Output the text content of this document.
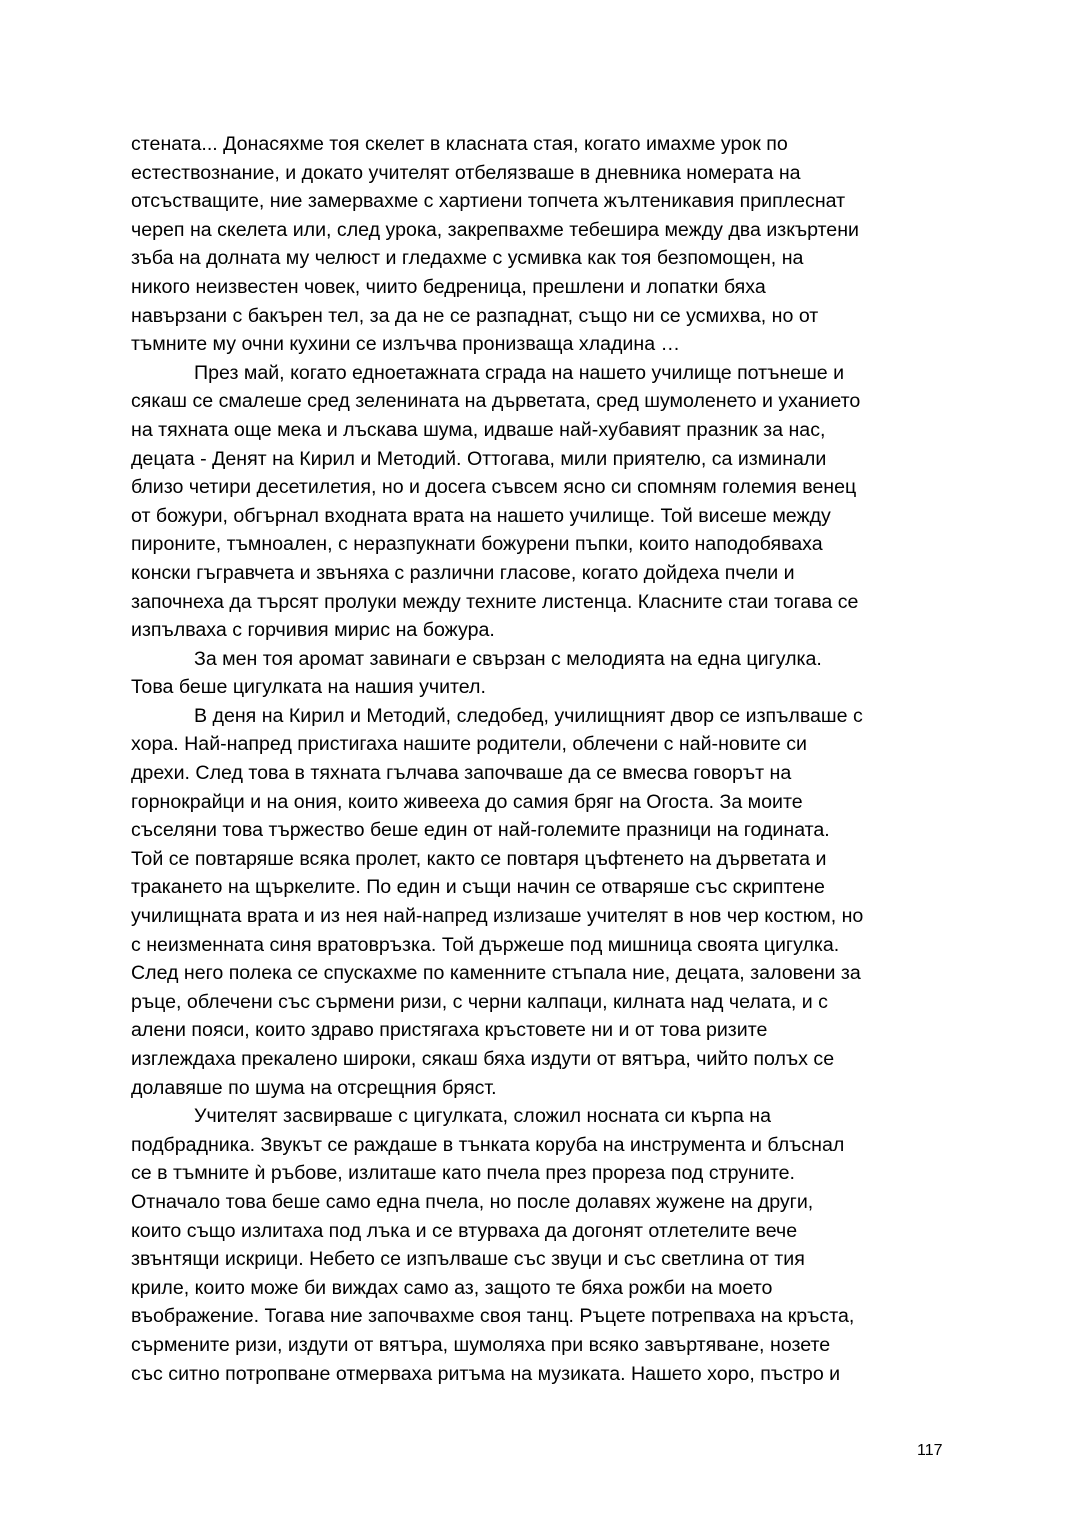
стената... Донасяхме тоя скелет в класната стая, когато имахме урок по
естествознание, и докато учителят отбелязваше в дневника номерата на
отсъстващите, ние замервахме с хартиени топчета жълтеникавия приплеснат
череп на скелета или, след урока, закрепвахме тебешира между два изкъртени
зъба на долната му челюст и гледахме с усмивка как тоя безпомощен, на
никого неизвестен човек, чиито бедреница, прешлени и лопатки бяха
навързани с бакърен тел, за да не се разпаднат, също ни се усмихва, но от
тъмните му очни кухини се излъчва пронизваща хладина …
През май, когато едноетажната сграда на нашето училище потънеше и
сякаш се смалеше сред зеленината на дърветата, сред шумоленето и уханието
на тяхната още мека и лъскава шума, идваше най-хубавият празник за нас,
децата - Денят на Кирил и Методий. Оттогава, мили приятелю, са изминали
близо четири десетилетия, но и досега съвсем ясно си спомням големия венец
от божури, обгърнал входната врата на нашето училище. Той висеше между
пироните, тъмноален, с неразпукнати божурени пъпки, които наподобяваха
конски гъгравчета и звъняха с различни гласове, когато дойдеха пчели и
започнеха да търсят пролуки между техните листенца. Класните стаи тогава се
изпълваха с горчивия мирис на божура.
За мен тоя аромат завинаги е свързан с мелодията на една цигулка.
Това беше цигулката на нашия учител.
В деня на Кирил и Методий, следобед, училищният двор се изпълваше с
хора. Най-напред пристигаха нашите родители, облечени с най-новите си
дрехи. След това в тяхната гълчава започваше да се вмесва говорът на
горнокрайци и на ония, които живееха до самия бряг на Огоста. За моите
съселяни това тържество беше един от най-големите празници на годината.
Той се повтаряше всяка пролет, както се повтаря цъфтенето на дърветата и
тракането на щъркелите. По един и същи начин се отваряше със скриптене
училищната врата и из нея най-напред излизаше учителят в нов чер костюм, но
с неизменната синя вратовръзка. Той държеше под мишница своята цигулка.
След него полека се спускахме по каменните стъпала ние, децата, заловени за
ръце, облечени със сърмени ризи, с черни калпаци, килната над челата, и с
алени пояси, които здраво пристягаха кръстовете ни и от това ризите
изглеждаха прекалено широки, сякаш бяха издути от вятъра, чийто полъх се
долавяше по шума на отсрещния бряст.
Учителят засвирваше с цигулката, сложил носната си кърпа на
подбрадника. Звукът се раждаше в тънката коруба на инструмента и блъснал
се в тъмните ѝ ръбове, излиташе като пчела през прореза под струните.
Отначало това беше само една пчела, но после долавях жужене на други,
които също излитаха под лъка и се втурваха да догонят отлетелите вече
звънтящи искрици. Небето се изпълваше със звуци и със светлина от тия
криле, които може би виждах само аз, защото те бяха рожби на моето
въображение. Тогава ние започвахме своя танц. Ръцете потрепваха на кръста,
сърмените ризи, издути от вятъра, шумоляха при всяко завъртяване, нозете
със ситно потропване отмерваха ритъма на музиката. Нашето хоро, пъстро и
117
